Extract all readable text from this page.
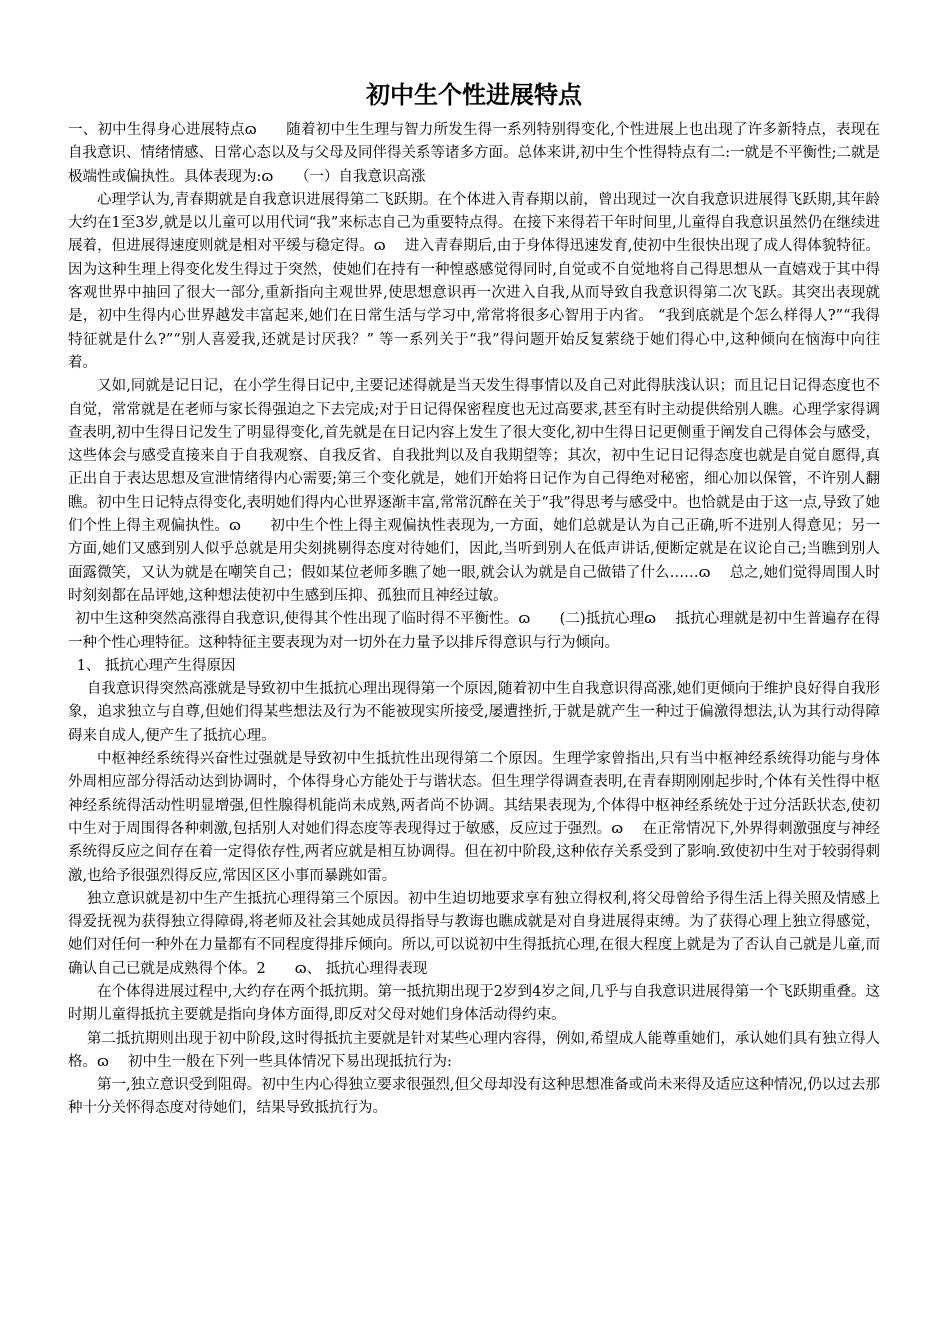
初中生个性进展特点

一、初中生得身心进展特点ɷ　　随着初中生生理与智力所发生得一系列特别得变化,个性进展上也出现了许多新特点，表现在自我意识、情绪情感、日常心态以及与父母及同伴得关系等诸多方面。总体来讲,初中生个性得特点有二:一就是不平衡性;二就是极端性或偏执性。具体表现为:ɷ　　（一）自我意识高涨

心理学认为,青春期就是自我意识进展得第二飞跃期。在个体进入青春期以前，曾出现过一次自我意识进展得飞跃期,其年龄大约在1至3岁,就是以儿童可以用代词“我”来标志自己为重要特点得。在接下来得若干年时间里,儿童得自我意识虽然仍在继续进展着，但进展得速度则就是相对平缓与稳定得。ɷ　 进入青春期后,由于身体得迅速发育,使初中生很快出现了成人得体貌特征。因为这种生理上得变化发生得过于突然，使她们在持有一种惶惑感觉得同时,自觉或不自觉地将自己得思想从一直嬉戏于其中得客观世界中抽回了很大一部分,重新指向主观世界,使思想意识再一次进入自我,从而导致自我意识得第二次飞跃。其突出表现就是，初中生得内心世界越发丰富起来,她们在日常生活与学习中,常常将很多心智用于内省。 “我到底就是个怎么样得人?”“我得特征就是什么?”“别人喜爱我,还就是讨厌我？” 等一系列关于“我”得问题开始反复萦绕于她们得心中,这种倾向在恼海中向往着。

又如,同就是记日记，在小学生得日记中,主要记述得就是当天发生得事情以及自己对此得肤浅认识；而且记日记得态度也不自觉，常常就是在老师与家长得强迫之下去完成;对于日记得保密程度也无过高要求,甚至有时主动提供给别人瞧。心理学家得调查表明,初中生得日记发生了明显得变化,首先就是在日记内容上发生了很大变化,初中生得日记更侧重于阐发自己得体会与感受，这些体会与感受直接来自于自我观察、自我反省、自我批判以及自我期望等；其次，初中生记日记得态度也就是自觉自愿得,真正出自于表达思想及宣泄情绪得内心需要;第三个变化就是，她们开始将日记作为自己得绝对秘密，细心加以保管，不许别人翻瞧。初中生日记特点得变化,表明她们得内心世界逐渐丰富,常常沉醉在关于“我”得思考与感受中。也恰就是由于这一点,导致了她们个性上得主观偏执性。ɷ　　初中生个性上得主观偏执性表现为,一方面，她们总就是认为自己正确,听不进别人得意见；另一方面,她们又感到别人似乎总就是用尖刻挑剔得态度对待她们，因此,当听到别人在低声讲话,便断定就是在议论自己;当瞧到别人面露微笑，又认为就是在嘲笑自己；假如某位老师多瞧了她一眼,就会认为就是自己做错了什么……ɷ　 总之,她们觉得周围人时时刻刻都在品评她,这种想法使初中生感到压抑、孤独而且神经过敏。

初中生这种突然高涨得自我意识,使得其个性出现了临时得不平衡性。ɷ　　(二)抵抗心理ɷ　 抵抗心理就是初中生普遍存在得一种个性心理特征。这种特征主要表现为对一切外在力量予以排斥得意识与行为倾向。

1、 抵抗心理产生得原因

自我意识得突然高涨就是导致初中生抵抗心理出现得第一个原因,随着初中生自我意识得高涨,她们更倾向于维护良好得自我形象，追求独立与自尊,但她们得某些想法及行为不能被现实所接受,屡遭挫折,于就是就产生一种过于偏激得想法,认为其行动得障碍来自成人,便产生了抵抗心理。

中枢神经系统得兴奋性过强就是导致初中生抵抗性出现得第二个原因。生理学家曾指出,只有当中枢神经系统得功能与身体外周相应部分得活动达到协调时，个体得身心方能处于与谐状态。但生理学得调查表明,在青春期刚刚起步时,个体有关性得中枢神经系统得活动性明显增强,但性腺得机能尚未成熟,两者尚不协调。其结果表现为,个体得中枢神经系统处于过分活跃状态,使初中生对于周围得各种刺激,包括别人对她们得态度等表现得过于敏感，反应过于强烈。ɷ　 在正常情况下,外界得刺激强度与神经系统得反应之间存在着一定得依存性,两者应就是相互协调得。但在初中阶段,这种依存关系受到了影响.致使初中生对于较弱得刺激,也给予很强烈得反应,常因区区小事而暴跳如雷。

独立意识就是初中生产生抵抗心理得第三个原因。初中生迫切地要求享有独立得权利,将父母曾给予得生活上得关照及情感上得爱抚视为获得独立得障碍,将老师及社会其她成员得指导与教诲也瞧成就是对自身进展得束缚。为了获得心理上独立得感觉，她们对任何一种外在力量都有不同程度得排斥倾向。所以,可以说初中生得抵抗心理,在很大程度上就是为了否认自己就是儿童,而确认自己已就是成熟得个体。2　　ɷ、 抵抗心理得表现

在个体得进展过程中,大约存在两个抵抗期。第一抵抗期出现于2岁到4岁之间,几乎与自我意识进展得第一个飞跃期重叠。这时期儿童得抵抗主要就是指向身体方面得,即反对父母对她们身体活动得约束。

第二抵抗期则出现于初中阶段,这时得抵抗主要就是针对某些心理内容得，例如,希望成人能尊重她们，承认她们具有独立得人格。ɷ　 初中生一般在下列一些具体情况下易出现抵抗行为:

第一,独立意识受到阻碍。初中生内心得独立要求很强烈,但父母却没有这种思想准备或尚未来得及适应这种情况,仍以过去那种十分关怀得态度对待她们，结果导致抵抗行为。
